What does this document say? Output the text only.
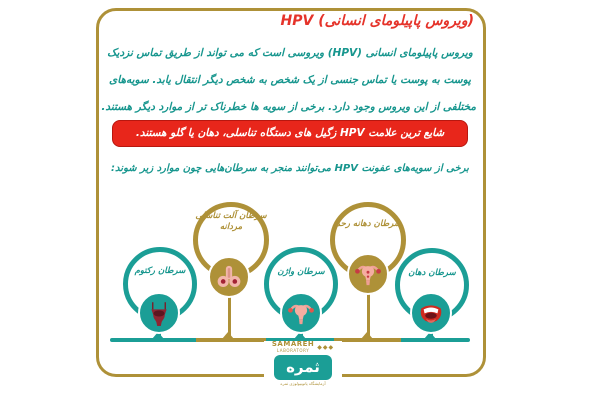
(ویروس پاپیلومای انسانی) HPV
ویروس پاپیلومای انسانی (HPV) ویروسی است که می تواند از طریق تماس نزدیک
پوست به پوست یا تماس جنسی از یک شخص به شخص دیگر انتقال یابد. سویه‌های
مختلفی از این ویروس وجود دارد. برخی از سویه ها خطرناک تر از موارد دیگر هستند.
شایع ترین علامت HPV زگیل های دستگاه تناسلی، دهان یا گلو هستند.
برخی از سویه‌های عفونت HPV می‌توانند منجر به سرطان‌هایی چون موارد زیر شوند:
سرطان رکتوم
سرطان آلت تناسلی مردانه
سرطان واژن
سرطان دهانه رحم
سرطان دهان
SAMAREH
LABORATORY	◆◆◆
ثمره
آزمایشگاه پاتوبیولوژی ثمره
